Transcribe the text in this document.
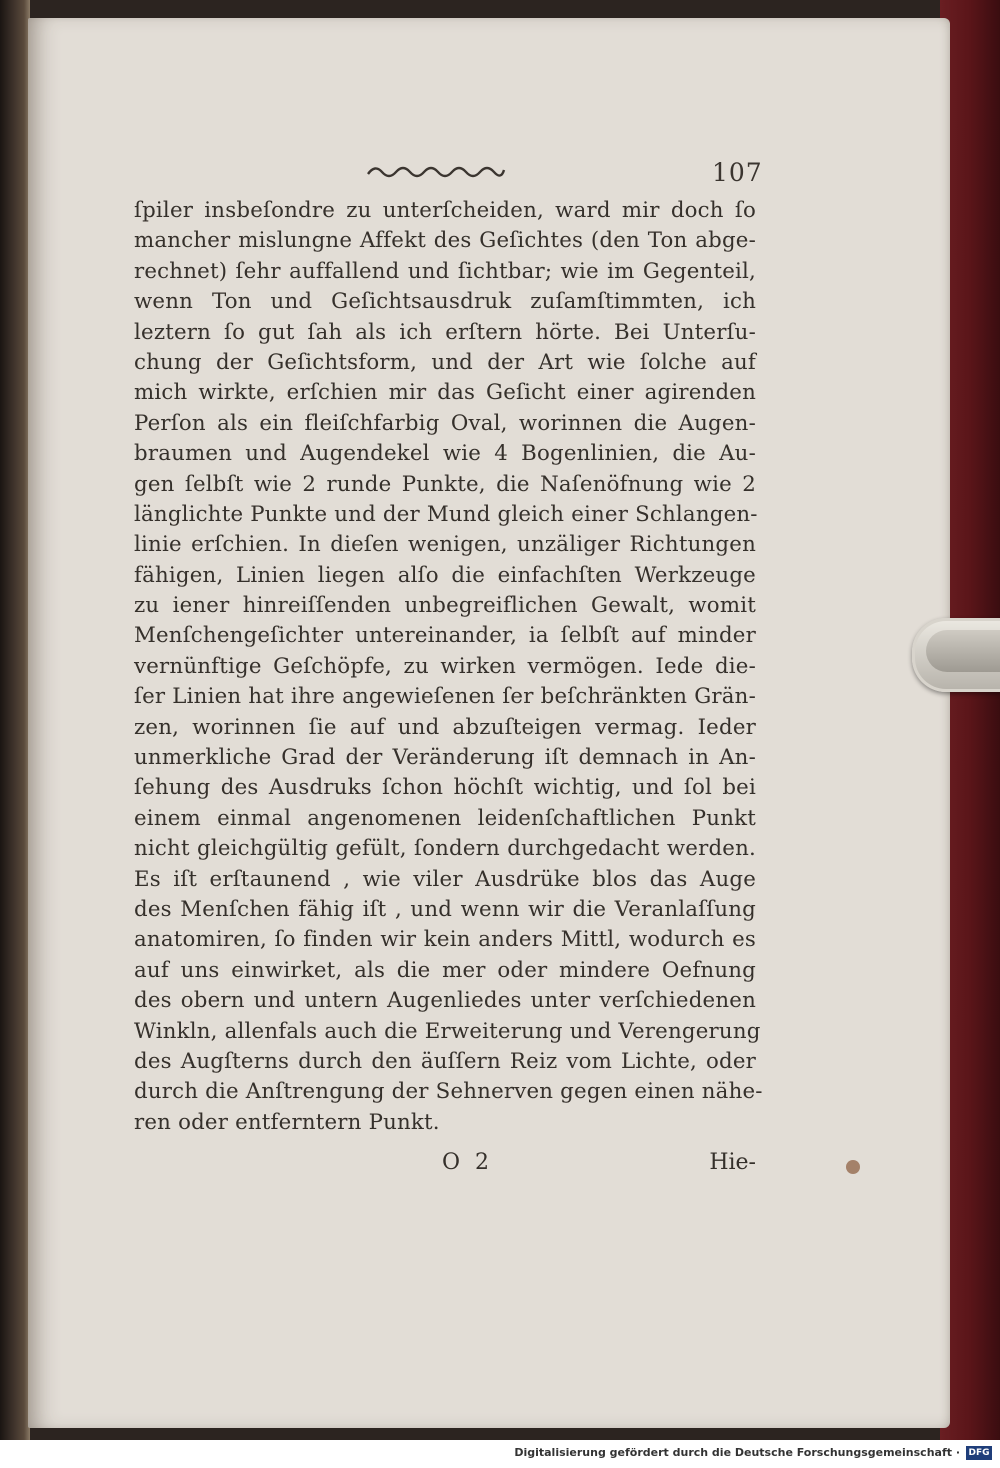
107
ſpiler insbeſondre zu unterſcheiden, ward mir doch ſo
mancher mislungne Affekt des Geſichtes (den Ton abge-
rechnet) ſehr auffallend und ſichtbar; wie im Gegenteil,
wenn Ton und Geſichtsausdruk zuſamſtimmten, ich
leztern ſo gut ſah als ich erſtern hörte. Bei Unterſu-
chung der Geſichtsform, und der Art wie ſolche auf
mich wirkte, erſchien mir das Geſicht einer agirenden
Perſon als ein fleiſchfarbig Oval, worinnen die Augen-
braumen und Augendekel wie 4 Bogenlinien, die Au-
gen ſelbſt wie 2 runde Punkte, die Naſenöfnung wie 2
länglichte Punkte und der Mund gleich einer Schlangen-
linie erſchien. In dieſen wenigen, unzäliger Richtungen
fähigen, Linien liegen alſo die einfachſten Werkzeuge
zu iener hinreiſſenden unbegreiflichen Gewalt, womit
Menſchengeſichter untereinander, ia ſelbſt auf minder
vernünftige Geſchöpfe, zu wirken vermögen. Iede die-
ſer Linien hat ihre angewieſenen ſer beſchränkten Grän-
zen, worinnen ſie auf und abzuſteigen vermag. Ieder
unmerkliche Grad der Veränderung iſt demnach in An-
ſehung des Ausdruks ſchon höchſt wichtig, und ſol bei
einem einmal angenomenen leidenſchaftlichen Punkt
nicht gleichgültig gefült, ſondern durchgedacht werden.
Es iſt erſtaunend , wie viler Ausdrüke blos das Auge
des Menſchen fähig iſt , und wenn wir die Veranlaſſung
anatomiren, ſo finden wir kein anders Mittl, wodurch es
auf uns einwirket, als die mer oder mindere Oefnung
des obern und untern Augenliedes unter verſchiedenen
Winkln, allenfals auch die Erweiterung und Verengerung
des Augſterns durch den äuſſern Reiz vom Lichte, oder
durch die Anſtrengung der Sehnerven gegen einen nähe-
ren oder entferntern Punkt.
O 2	Hie-
Digitalisierung gefördert durch die Deutsche Forschungsgemeinschaft · DFG
